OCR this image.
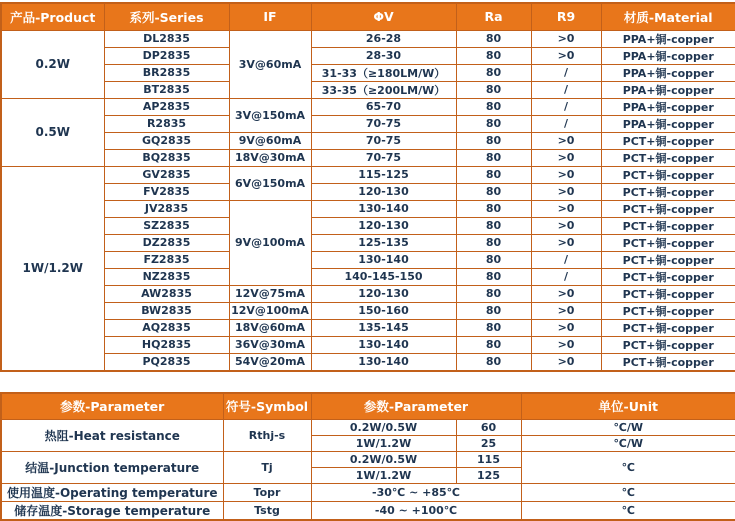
产品-Product	系列-Series	IF	ΦV	Ra	R9	材质-Material
0.2W	DL2835	3V@60mA	26-28	80	>0	PPA+铜-copper
	DP2835		28-30	80	>0	PPA+铜-copper
	BR2835		31-33（≥180LM/W）	80	/	PPA+铜-copper
	BT2835		33-35（≥200LM/W）	80	/	PPA+铜-copper
0.5W	AP2835	3V@150mA	65-70	80	/	PPA+铜-copper
	R2835		70-75	80	/	PPA+铜-copper
	GQ2835	9V@60mA	70-75	80	>0	PCT+铜-copper
	BQ2835	18V@30mA	70-75	80	>0	PCT+铜-copper
1W/1.2W	GV2835	6V@150mA	115-125	80	>0	PCT+铜-copper
	FV2835		120-130	80	>0	PCT+铜-copper
	JV2835	9V@100mA	130-140	80	>0	PCT+铜-copper
	SZ2835		120-130	80	>0	PCT+铜-copper
	DZ2835		125-135	80	>0	PCT+铜-copper
	FZ2835		130-140	80	/	PCT+铜-copper
	NZ2835		140-145-150	80	/	PCT+铜-copper
	AW2835	12V@75mA	120-130	80	>0	PCT+铜-copper
	BW2835	12V@100mA	150-160	80	>0	PCT+铜-copper
	AQ2835	18V@60mA	135-145	80	>0	PCT+铜-copper
	HQ2835	36V@30mA	130-140	80	>0	PCT+铜-copper
	PQ2835	54V@20mA	130-140	80	>0	PCT+铜-copper
参数-Parameter	符号-Symbol	参数-Parameter		单位-Unit
热阻-Heat resistance	Rthj-s	0.2W/0.5W	60	℃/W
		1W/1.2W	25	℃/W
结温-Junction temperature	Tj	0.2W/0.5W	115	℃
		1W/1.2W	125	
使用温度-Operating temperature	Topr	-30℃ ~ +85℃		℃
储存温度-Storage temperature	Tstg	-40 ~ +100℃		℃
